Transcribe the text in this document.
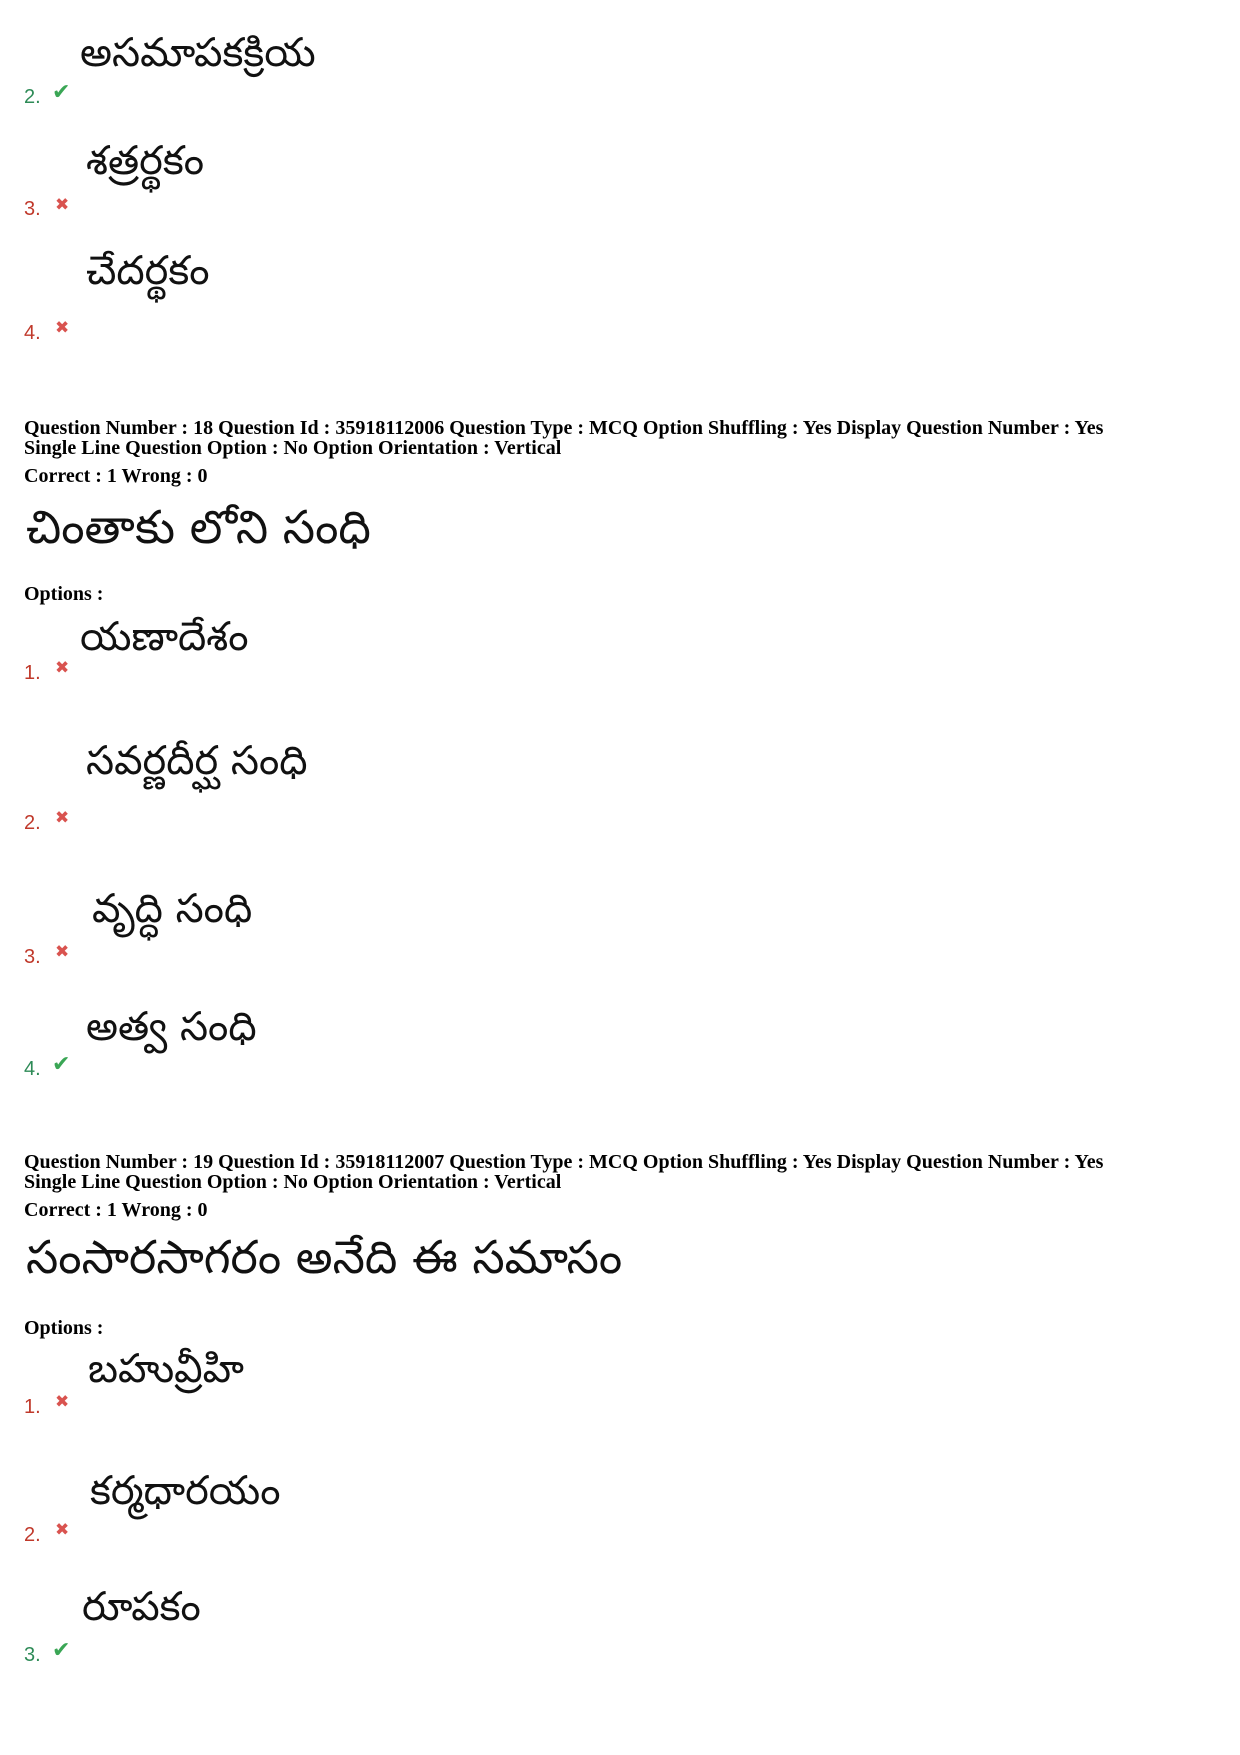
అసమాపకక్రియ
2. ✔
శత్రర్థకం
3. ✖
చేదర్థకం
4. ✖
Question Number : 18 Question Id : 35918112006 Question Type : MCQ Option Shuffling : Yes Display Question Number : Yes
Single Line Question Option : No Option Orientation : Vertical
Correct : 1 Wrong : 0
చింతాకు లోని సంధి
Options :
యణాదేశం
1. ✖
సవర్ణదీర్ఘ సంధి
2. ✖
వృద్ధి సంధి
3. ✖
అత్వ సంధి
4. ✔
Question Number : 19 Question Id : 35918112007 Question Type : MCQ Option Shuffling : Yes Display Question Number : Yes
Single Line Question Option : No Option Orientation : Vertical
Correct : 1 Wrong : 0
సంసారసాగరం అనేది ఈ సమాసం
Options :
బహువ్రీహి
1. ✖
కర్మధారయం
2. ✖
రూపకం
3. ✔
